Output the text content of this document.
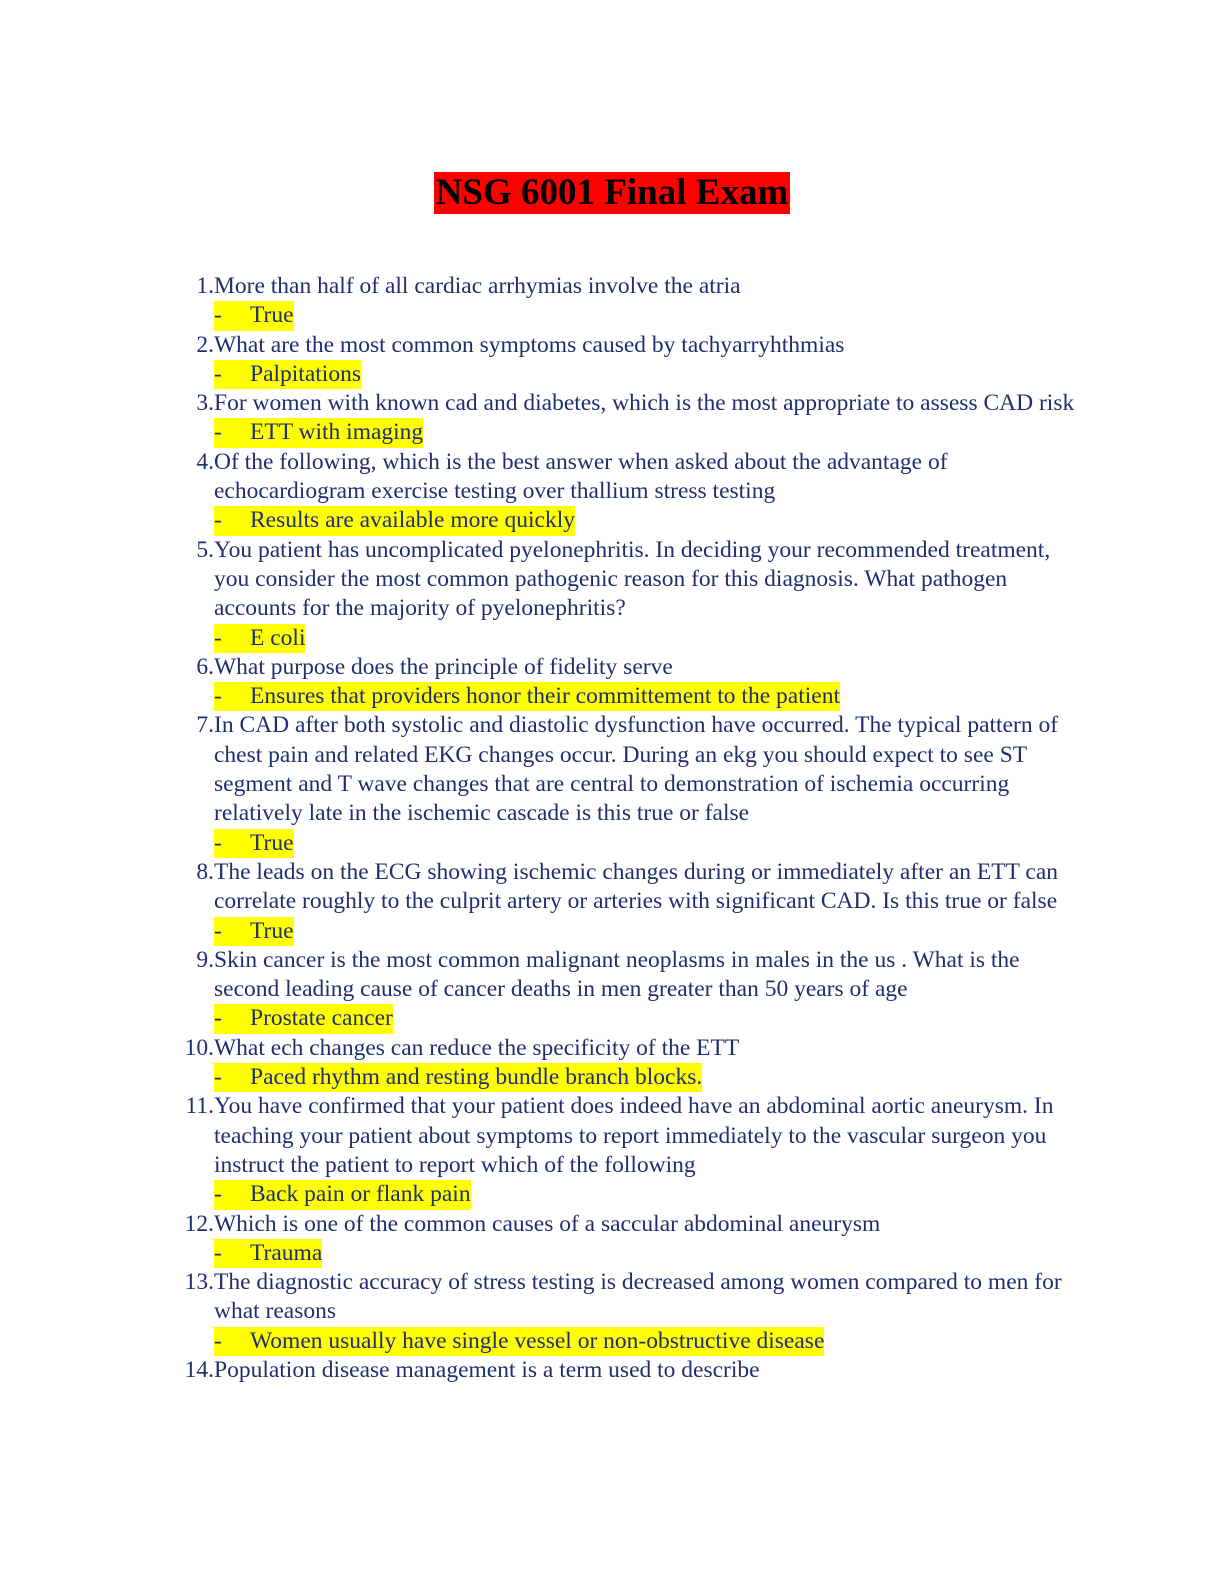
NSG 6001 Final Exam
1. More than half of all cardiac arrhymias involve the atria
- True
2. What are the most common symptoms caused by tachyarryhthmias
- Palpitations
3. For women with known cad and diabetes, which is the most appropriate to assess CAD risk
- ETT with imaging
4. Of the following, which is the best answer when asked about the advantage of echocardiogram exercise testing over thallium stress testing
- Results are available more quickly
5. You patient has uncomplicated pyelonephritis. In deciding your recommended treatment, you consider the most common pathogenic reason for this diagnosis. What pathogen accounts for the majority of pyelonephritis?
- E coli
6. What purpose does the principle of fidelity serve
- Ensures that providers honor their committement to the patient
7. In CAD after both systolic and diastolic dysfunction have occurred. The typical pattern of chest pain and related EKG changes occur. During an ekg you should expect to see ST segment and T wave changes that are central to demonstration of ischemia occurring relatively late in the ischemic cascade is this true or false
- True
8. The leads on the ECG showing ischemic changes during or immediately after an ETT can correlate roughly to the culprit artery or arteries with significant CAD. Is this true or false
- True
9. Skin cancer is the most common malignant neoplasms in males in the us . What is the second leading cause of cancer deaths in men greater than 50 years of age
- Prostate cancer
10. What ech changes can reduce the specificity of the ETT
- Paced rhythm and resting bundle branch blocks.
11. You have confirmed that your patient does indeed have an abdominal aortic aneurysm. In teaching your patient about symptoms to report immediately to the vascular surgeon you instruct the patient to report which of the following
- Back pain or flank pain
12. Which is one of the common causes of a saccular abdominal aneurysm
- Trauma
13. The diagnostic accuracy of stress testing is decreased among women compared to men for what reasons
- Women usually have single vessel or non-obstructive disease
14. Population disease management is a term used to describe
